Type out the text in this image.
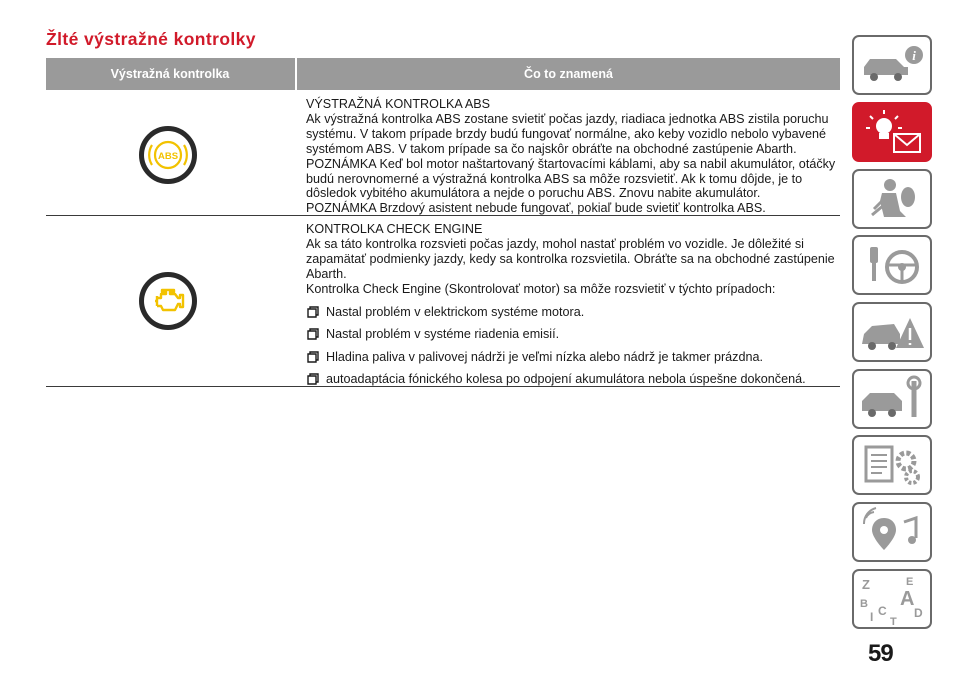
Žlté výstražné kontrolky
Výstražná kontrolka	Čo to znamená
ABS
VÝSTRAŽNÁ KONTROLKA ABS
Ak výstražná kontrolka ABS zostane svietiť počas jazdy, riadiaca jednotka ABS zistila poruchu
systému. V takom prípade brzdy budú fungovať normálne, ako keby vozidlo nebolo vybavené
systémom ABS. V takom prípade sa čo najskôr obráťte na obchodné zastúpenie Abarth.
POZNÁMKA Keď bol motor naštartovaný štartovacími káblami, aby sa nabil akumulátor, otáčky
budú nerovnomerné a výstražná kontrolka ABS sa môže rozsvietiť. Ak k tomu dôjde, je to
dôsledok vybitého akumulátora a nejde o poruchu ABS. Znovu nabite akumulátor.
POZNÁMKA Brzdový asistent nebude fungovať, pokiaľ bude svietiť kontrolka ABS.
KONTROLKA CHECK ENGINE
Ak sa táto kontrolka rozsvieti počas jazdy, mohol nastať problém vo vozidle. Je dôležité si
zapamätať podmienky jazdy, kedy sa kontrolka rozsvietila. Obráťte sa na obchodné zastúpenie
Abarth.
Kontrolka Check Engine (Skontrolovať motor) sa môže rozsvietiť v týchto prípadoch:
Nastal problém v elektrickom systéme motora.
Nastal problém v systéme riadenia emisií.
Hladina paliva v palivovej nádrži je veľmi nízka alebo nádrž je takmer prázdna.
autoadaptácia fónického kolesa po odpojení akumulátora nebola úspešne dokončená.
i
Z	E
B A
C D
I T
59
